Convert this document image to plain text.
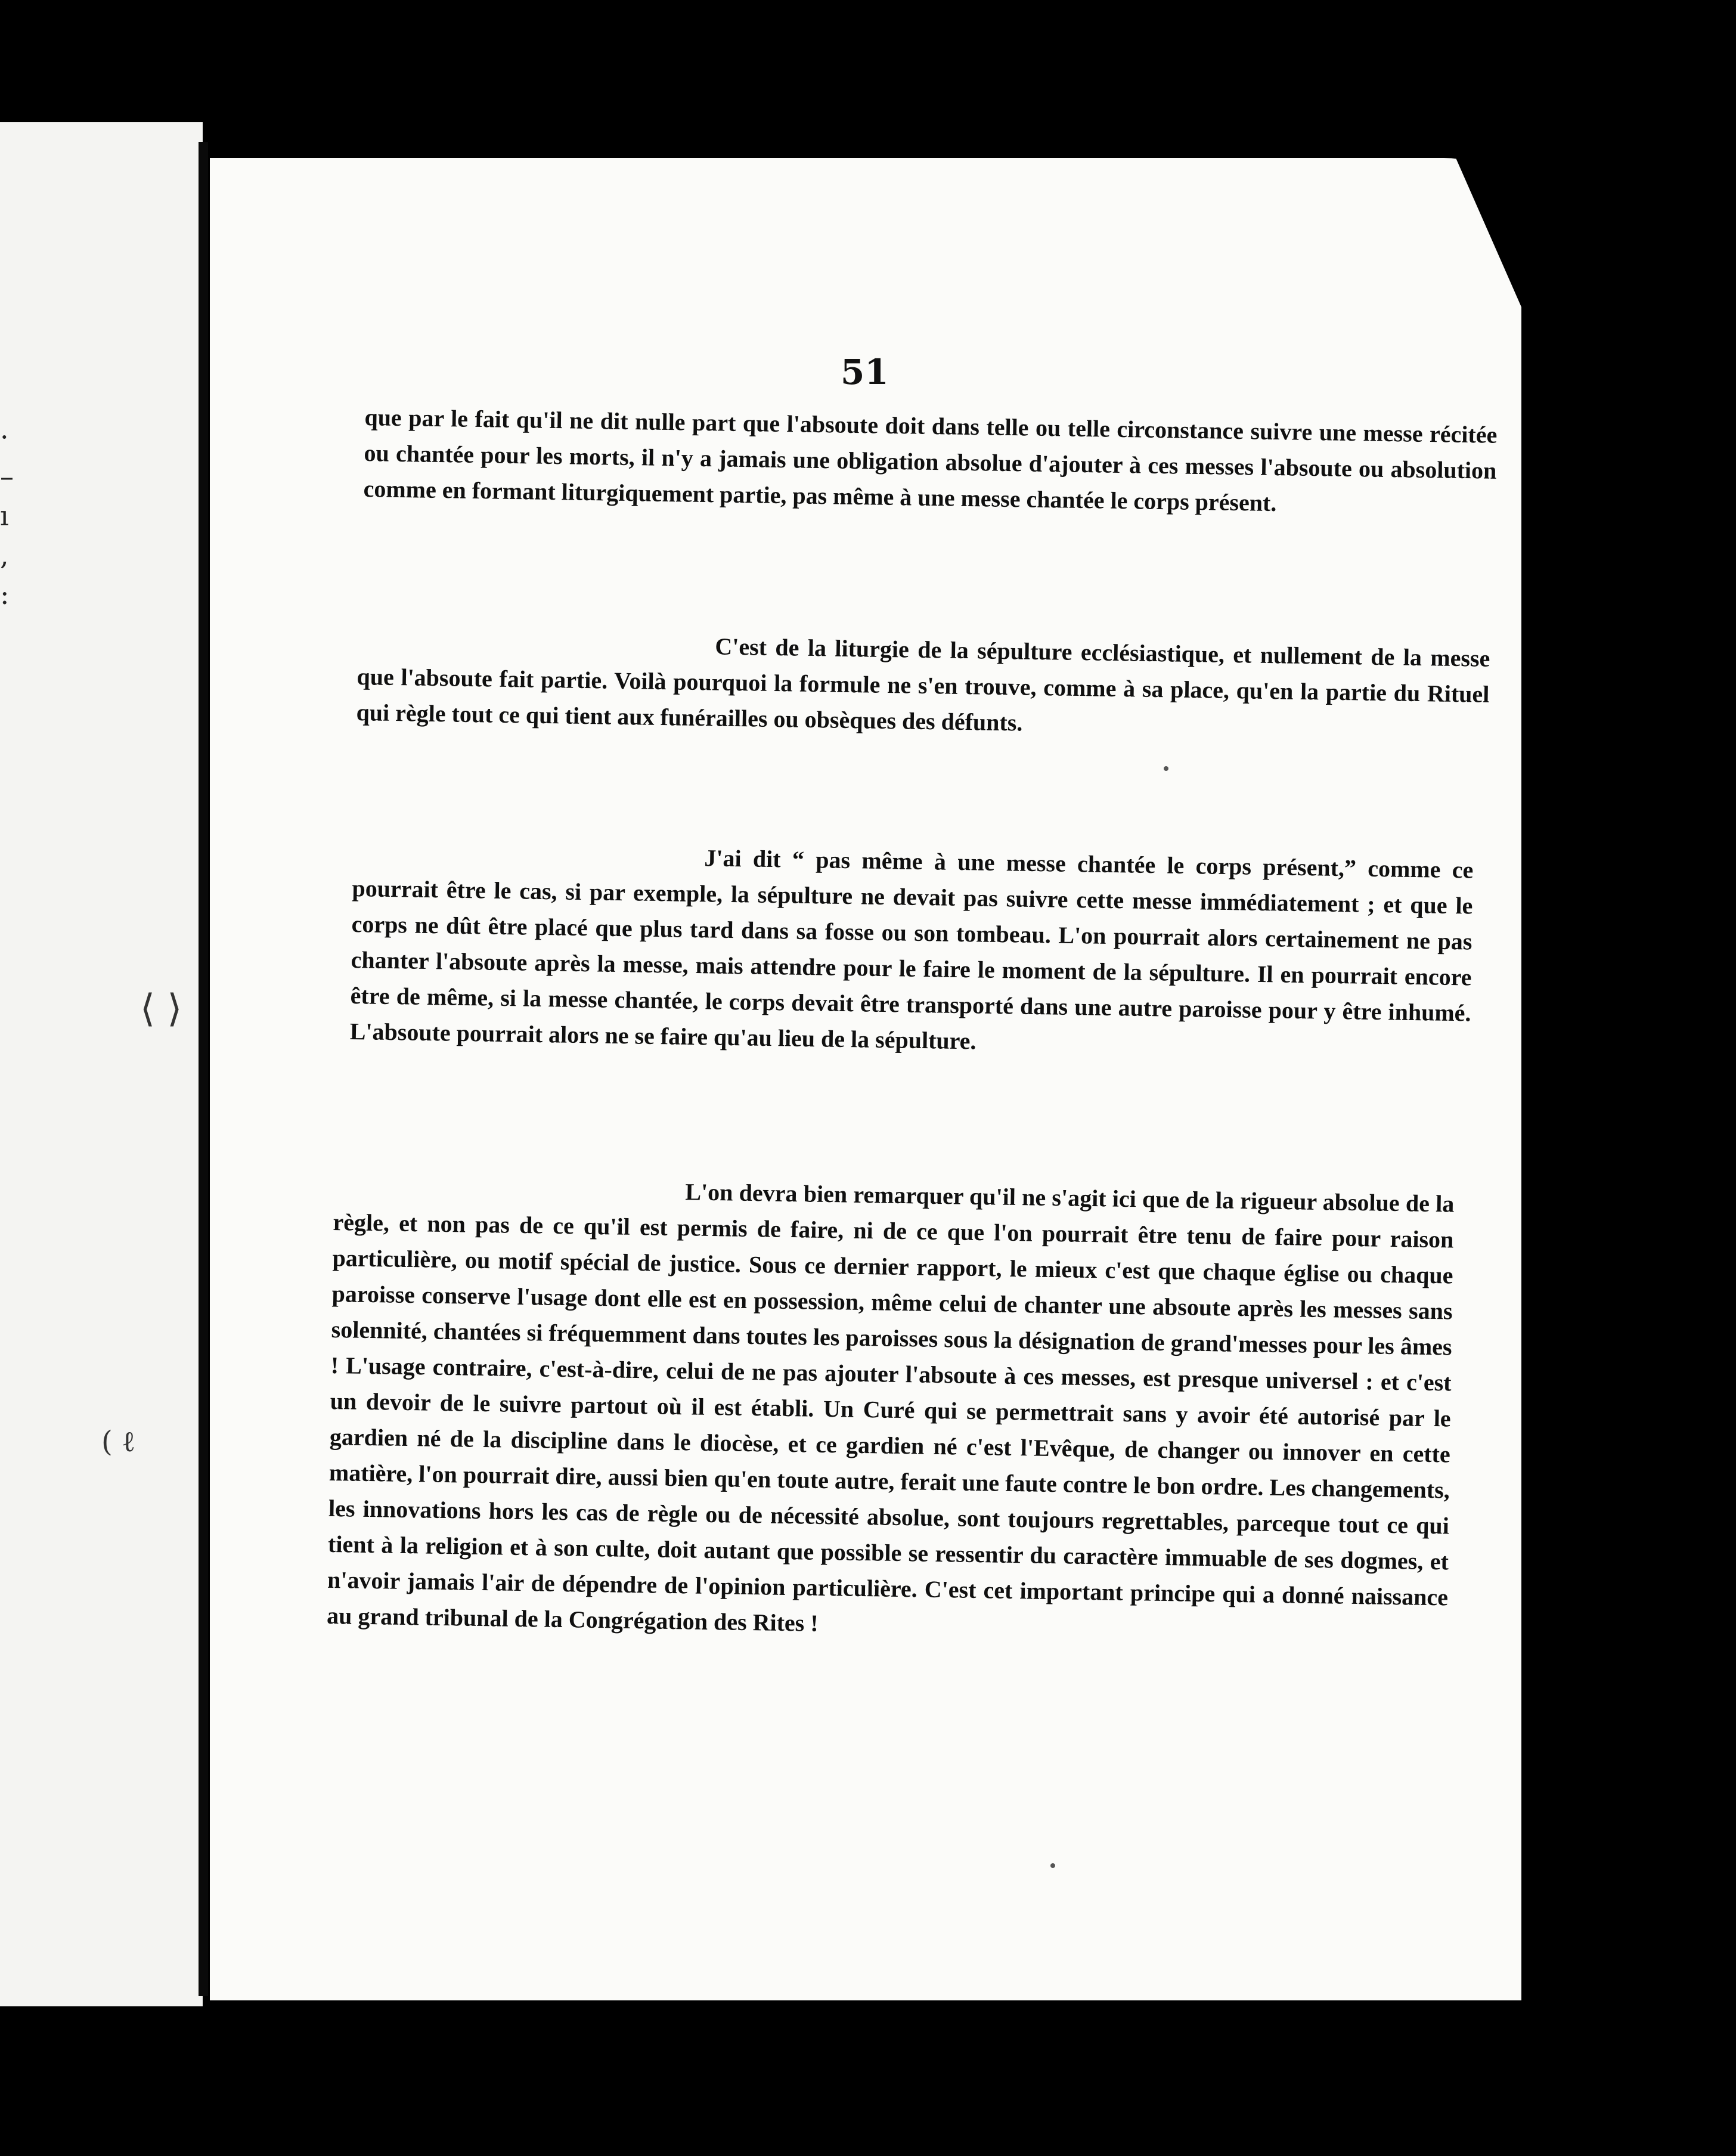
·
–
ı
,
:
⟨ ⟩
( ℓ
51

que par le fait qu'il ne dit nulle part que l'absoute doit dans telle ou telle circonstance suivre une messe récitée ou chantée pour les morts, il n'y a jamais une obligation absolue d'ajouter à ces messes l'absoute ou absolution comme en formant liturgiquement partie, pas même à une messe chantée le corps présent.

C'est de la liturgie de la sépulture ecclésiastique, et nullement de la messe que l'absoute fait partie. Voilà pourquoi la formule ne s'en trouve, comme à sa place, qu'en la partie du Rituel qui règle tout ce qui tient aux funérailles ou obsèques des défunts.

J'ai dit “ pas même à une messe chantée le corps présent,” comme ce pourrait être le cas, si par exemple, la sépulture ne devait pas suivre cette messe immédiatement ; et que le corps ne dût être placé que plus tard dans sa fosse ou son tombeau. L'on pourrait alors certainement ne pas chanter l'absoute après la messe, mais attendre pour le faire le moment de la sépulture. Il en pourrait encore être de même, si la messe chantée, le corps devait être transporté dans une autre paroisse pour y être inhumé. L'absoute pourrait alors ne se faire qu'au lieu de la sépulture.

L'on devra bien remarquer qu'il ne s'agit ici que de la rigueur absolue de la règle, et non pas de ce qu'il est permis de faire, ni de ce que l'on pourrait être tenu de faire pour raison particulière, ou motif spécial de justice. Sous ce dernier rapport, le mieux c'est que chaque église ou chaque paroisse conserve l'usage dont elle est en possession, même celui de chanter une absoute après les messes sans solennité, chantées si fréquemment dans toutes les paroisses sous la désignation de grand'messes pour les âmes ! L'usage contraire, c'est-à-dire, celui de ne pas ajouter l'absoute à ces messes, est presque universel : et c'est un devoir de le suivre partout où il est établi. Un Curé qui se permettrait sans y avoir été autorisé par le gardien né de la discipline dans le diocèse, et ce gardien né c'est l'Evêque, de changer ou innover en cette matière, l'on pourrait dire, aussi bien qu'en toute autre, ferait une faute contre le bon ordre. Les changements, les innovations hors les cas de règle ou de nécessité absolue, sont toujours regrettables, parceque tout ce qui tient à la religion et à son culte, doit autant que possible se ressentir du caractère immuable de ses dogmes, et n'avoir jamais l'air de dépendre de l'opinion particulière. C'est cet important principe qui a donné naissance au grand tribunal de la Congrégation des Rites !
